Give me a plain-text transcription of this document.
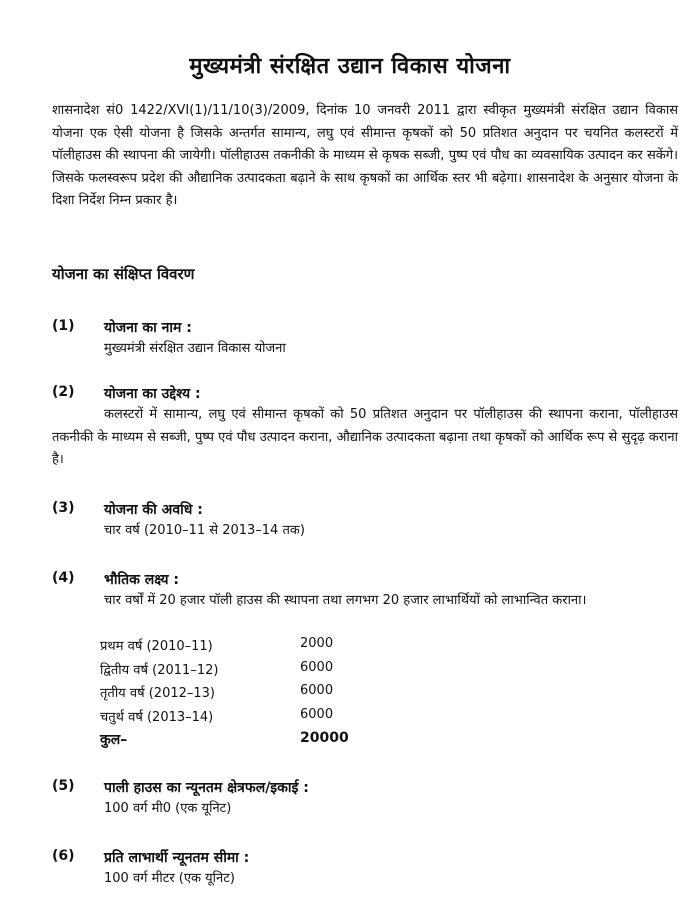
मुख्यमंत्री संरक्षित उद्यान विकास योजना

शासनादेश सं0 1422/XVI(1)/11/10(3)/2009, दिनांक 10 जनवरी 2011 द्वारा स्वीकृत मुख्यमंत्री संरक्षित उद्यान विकास योजना एक ऐसी योजना है जिसके अन्तर्गत सामान्य, लघु एवं सीमान्त कृषकों को 50 प्रतिशत अनुदान पर चयनित कलस्टरों में पॉलीहाउस की स्थापना की जायेगी। पॉलीहाउस तकनीकी के माध्यम से कृषक सब्जी, पुष्प एवं पौध का व्यवसायिक उत्पादन कर सकेंगे। जिसके फलस्वरूप प्रदेश की औद्यानिक उत्पादकता बढ़ाने के साथ कृषकों का आर्थिक स्तर भी बढ़ेगा। शासनादेश के अनुसार योजना के दिशा निर्देश निम्न प्रकार है।

योजना का संक्षिप्त विवरण
(1) योजना का नाम :

मुख्यमंत्री संरक्षित उद्यान विकास योजना

(2) योजना का उद्देश्य :

कलस्टरों में सामान्य, लघु एवं सीमान्त कृषकों को 50 प्रतिशत अनुदान पर पॉलीहाउस की स्थापना कराना, पॉलीहाउस तकनीकी के माध्यम से सब्जी, पुष्प एवं पौध उत्पादन कराना, औद्यानिक उत्पादकता बढ़ाना तथा कृषकों को आर्थिक रूप से सुदृढ़ कराना है।

(3) योजना की अवधि :

चार वर्ष (2010–11 से 2013–14 तक)

(4) भौतिक लक्ष्य :

चार वर्षों में 20 हजार पॉली हाउस की स्थापना तथा लगभग 20 हजार लाभार्थियों को लाभान्वित कराना।

प्रथम वर्ष (2010–11)	2000
द्वितीय वर्ष (2011–12)	6000
तृतीय वर्ष (2012–13)	6000
चतुर्थ वर्ष (2013–14)	6000
कुल–	20000
(5) पाली हाउस का न्यूनतम क्षेत्रफल/इकाई :

100 वर्ग मी0 (एक यूनिट)

(6) प्रति लाभार्थी न्यूनतम सीमा :

100 वर्ग मीटर (एक यूनिट)
